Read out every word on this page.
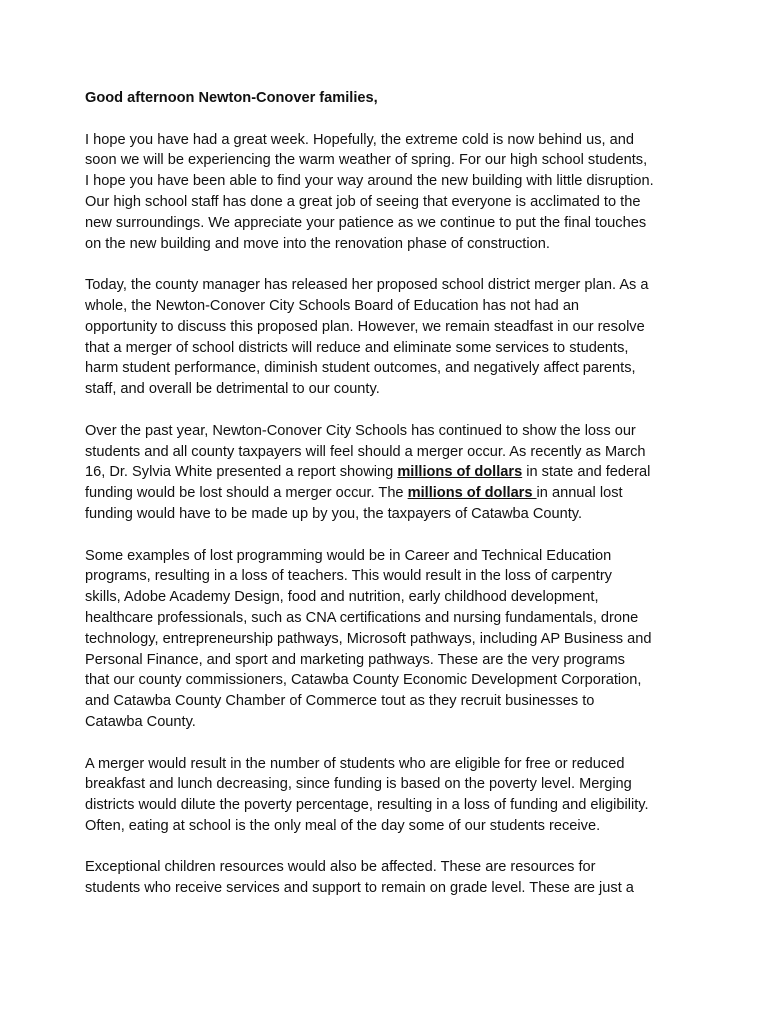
Good afternoon Newton-Conover families,
I hope you have had a great week. Hopefully, the extreme cold is now behind us, and
soon we will be experiencing the warm weather of spring. For our high school students,
I hope you have been able to find your way around the new building with little disruption.
Our high school staff has done a great job of seeing that everyone is acclimated to the
new surroundings. We appreciate your patience as we continue to put the final touches
on the new building and move into the renovation phase of construction.
Today, the county manager has released her proposed school district merger plan. As a
whole, the Newton-Conover City Schools Board of Education has not had an
opportunity to discuss this proposed plan. However, we remain steadfast in our resolve
that a merger of school districts will reduce and eliminate some services to students,
harm student performance, diminish student outcomes, and negatively affect parents,
staff, and overall be detrimental to our county.
Over the past year, Newton-Conover City Schools has continued to show the loss our
students and all county taxpayers will feel should a merger occur. As recently as March
16, Dr. Sylvia White presented a report showing millions of dollars in state and federal
funding would be lost should a merger occur. The millions of dollars in annual lost
funding would have to be made up by you, the taxpayers of Catawba County.
Some examples of lost programming would be in Career and Technical Education
programs, resulting in a loss of teachers. This would result in the loss of carpentry
skills, Adobe Academy Design, food and nutrition, early childhood development,
healthcare professionals, such as CNA certifications and nursing fundamentals, drone
technology, entrepreneurship pathways, Microsoft pathways, including AP Business and
Personal Finance, and sport and marketing pathways. These are the very programs
that our county commissioners, Catawba County Economic Development Corporation,
and Catawba County Chamber of Commerce tout as they recruit businesses to
Catawba County.
A merger would result in the number of students who are eligible for free or reduced
breakfast and lunch decreasing, since funding is based on the poverty level. Merging
districts would dilute the poverty percentage, resulting in a loss of funding and eligibility.
Often, eating at school is the only meal of the day some of our students receive.
Exceptional children resources would also be affected. These are resources for
students who receive services and support to remain on grade level. These are just a
